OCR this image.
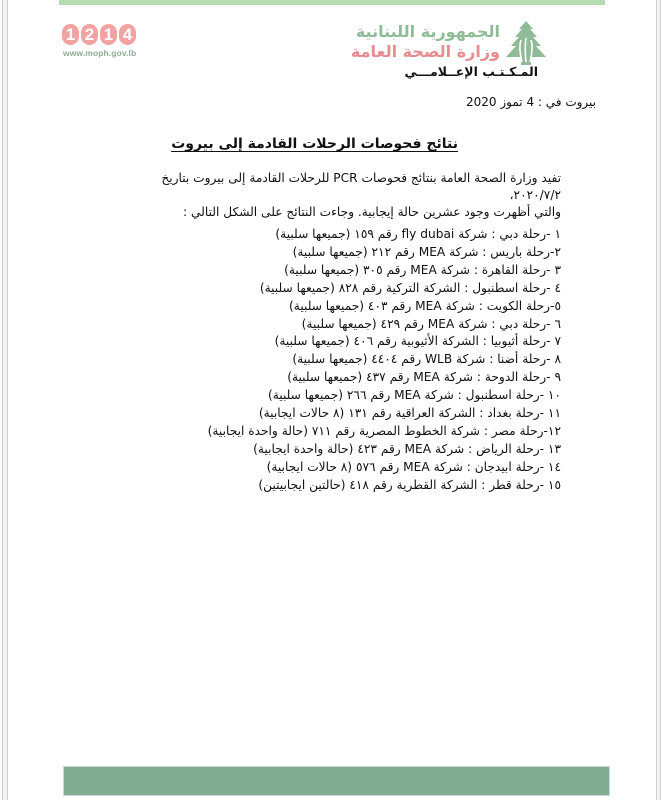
1 2 1 4
www.moph.gov.lb
الجمهورية اللبنانية
وزارة الصحة العامة
المـكـتـب الإعــلامـــي
بيروت في : 4 تموز 2020
نتائج فحوصات الرحلات القادمة إلى بيروت
تفيد وزارة الصحة العامة بنتائج فحوصات PCR للرحلات القادمة إلى بيروت بتاريخ ٢٠٢٠/٧/٢،
والتي أظهرت وجود عشرين حالة إيجابية. وجاءت النتائج على الشكل التالي :
١ -رحلة دبي : شركة fly dubai رقم ١٥٩ (جميعها سلبية)
٢-رحلة باريس : شركة MEA رقم ٢١٢ (جميعها سلبية)
٣ -رحلة القاهرة : شركة MEA رقم ٣٠٥ (جميعها سلبية)
٤ -رحلة اسطنبول : الشركة التركية رقم ٨٢٨ (جميعها سلبية)
٥-رحلة الكويت : شركة MEA رقم ٤٠٣ (جميعها سلبية)
٦ -رحلة دبي : شركة MEA رقم ٤٢٩ (جميعها سلبية)
٧ -رحلة أثيوبيا : الشركة الأثيوبية رقم ٤٠٦ (جميعها سلبية)
٨ -رحلة أضنا : شركة WLB رقم ٤٤٠٤ (جميعها سلبية)
٩ -رحلة الدوحة : شركة MEA رقم ٤٣٧ (جميعها سلبية)
١٠ -رحلة اسطنبول : شركة MEA رقم ٢٦٦ (جميعها سلبية)
١١ -رحلة بغداد : الشركة العراقية رقم ١٣١ (٨ حالات ايجابية)
١٢-رحلة مصر : شركة الخطوط المصرية رقم ٧١١ (حالة واحدة ايجابية)
١٣ -رحلة الرياض : شركة MEA رقم ٤٢٣ (حالة واحدة ايجابية)
١٤ -رحلة ابيدجان : شركة MEA رقم ٥٧٦ (٨ حالات ايجابية)
١٥ -رحلة قطر : الشركة القطرية رقم ٤١٨ (حالتين ايجابيتين)
